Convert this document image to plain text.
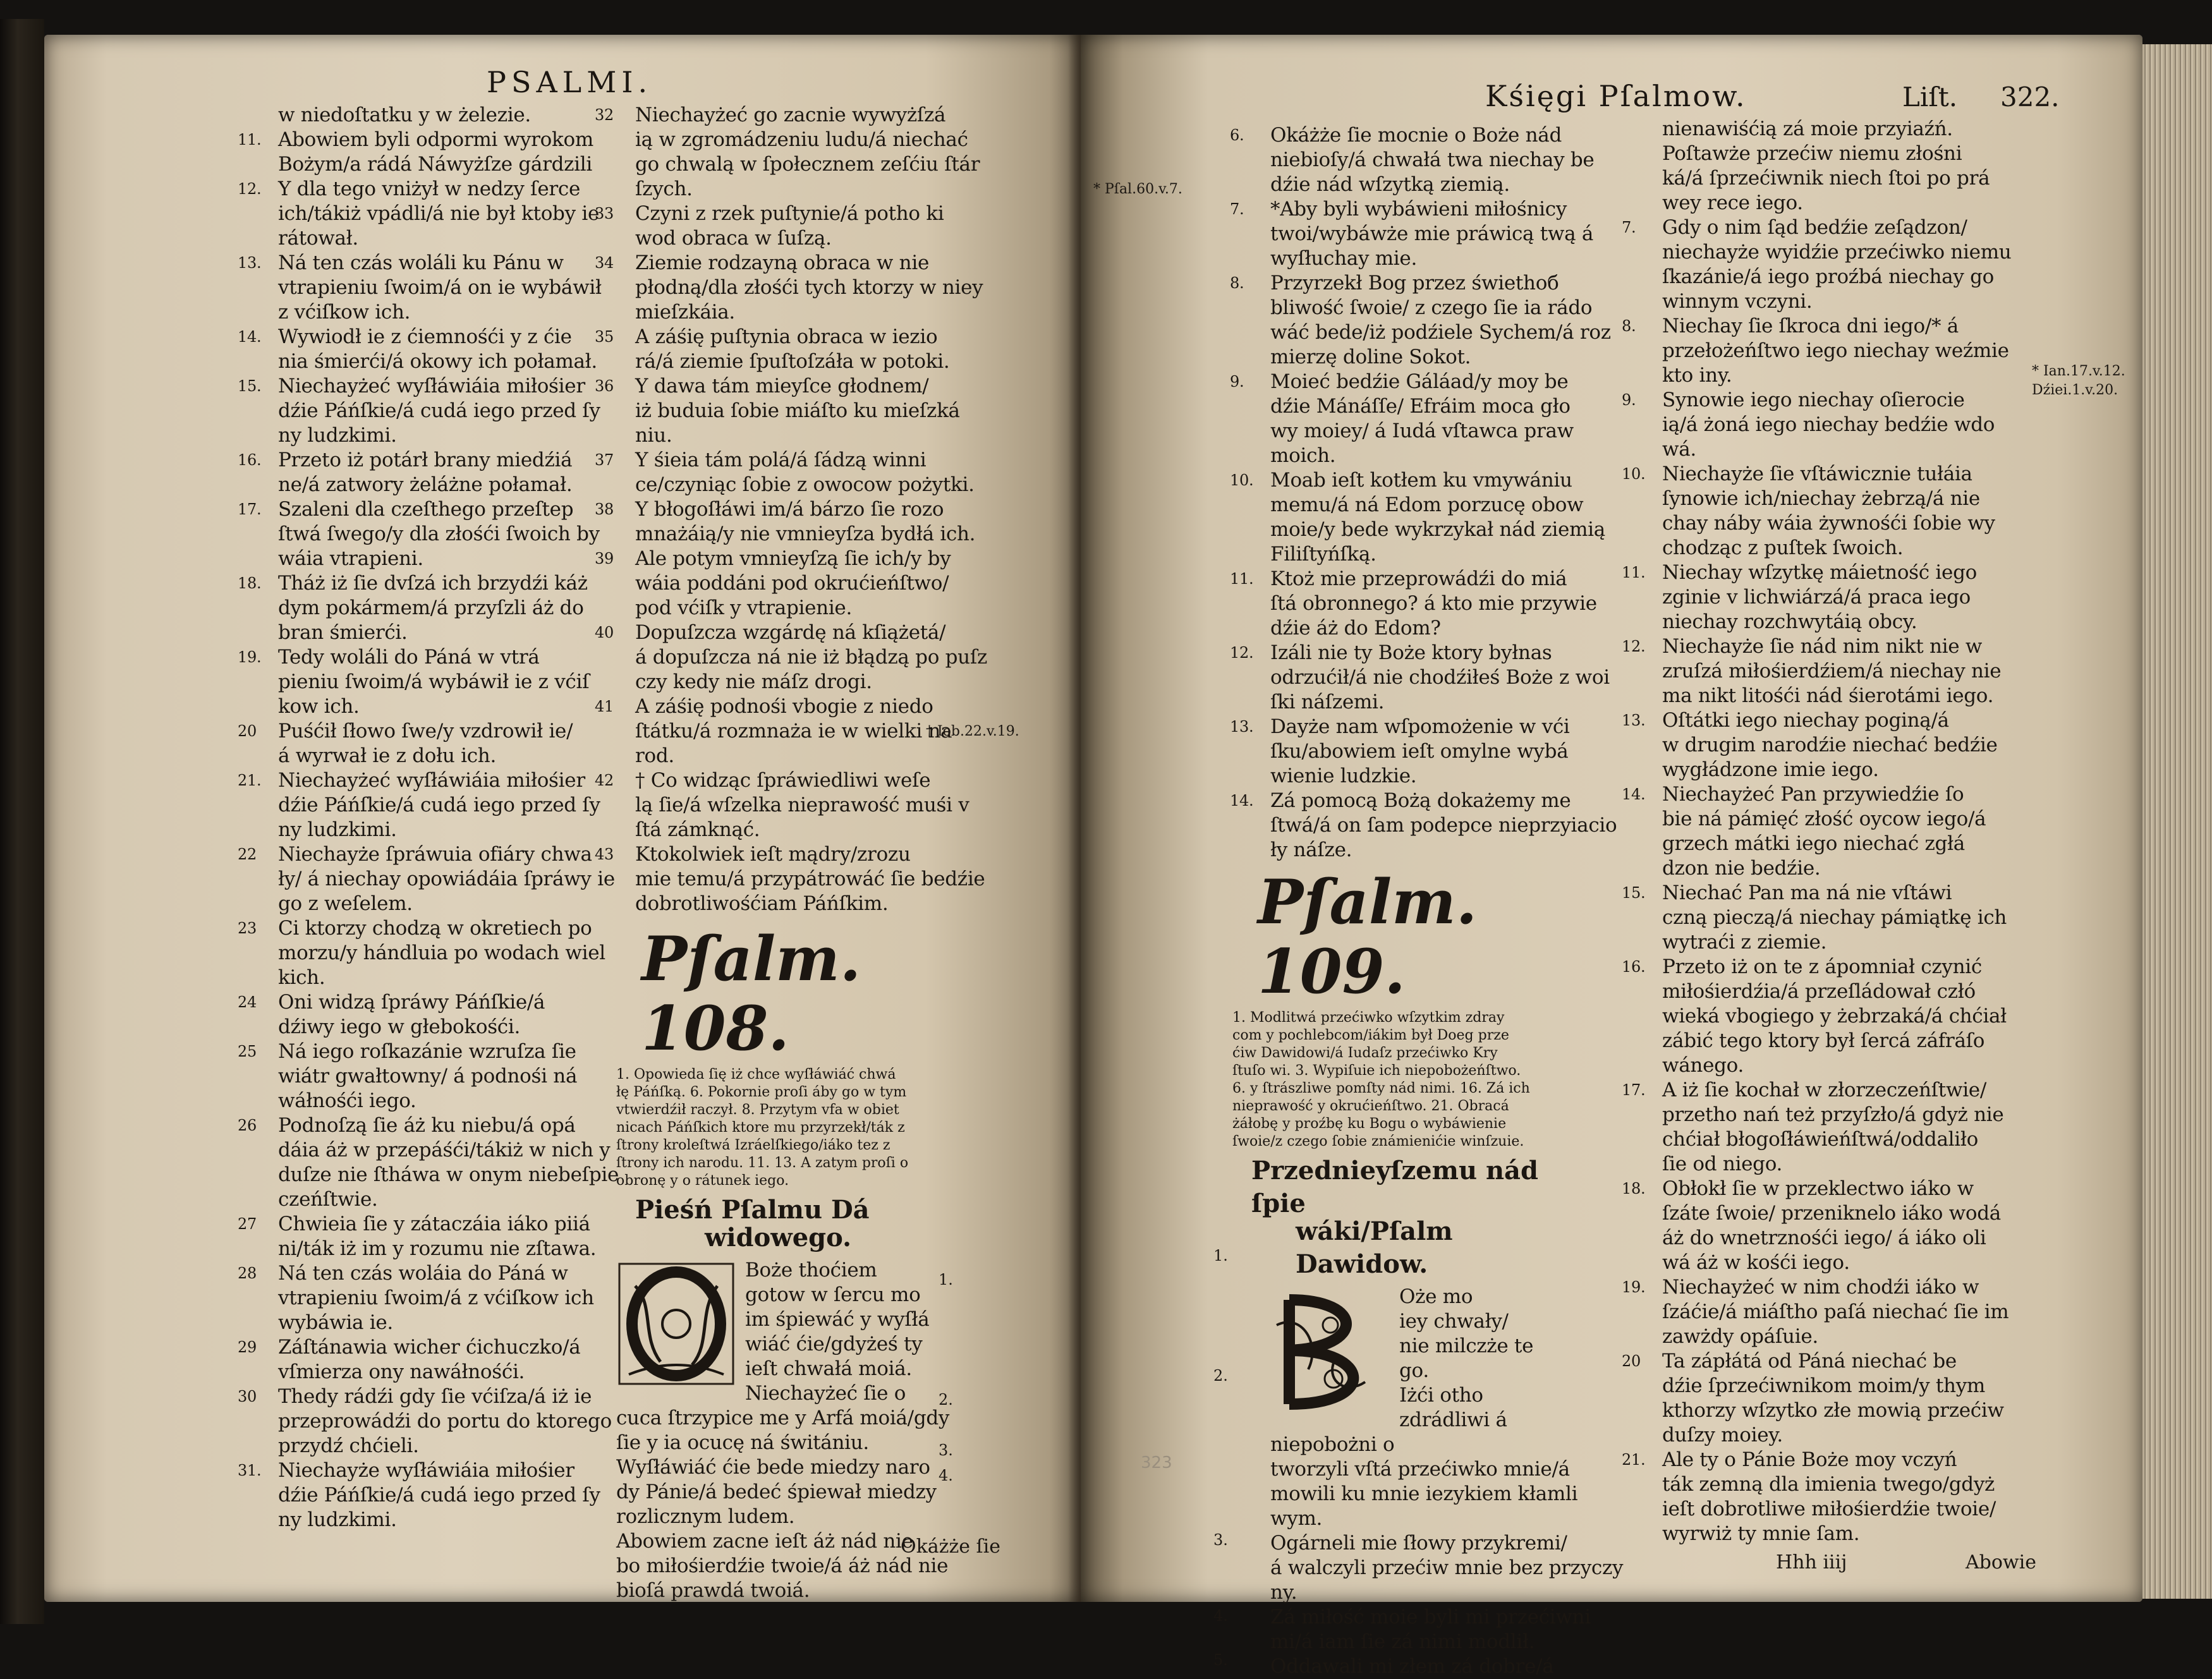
PSALMI.
w niedoſtatku y w żelezie.
11. Abowiem byli odpormi wyrokom
Bożym/a rádá Náwyżſze gárdzili
12. Y dla tego vniżył w nedzy ſerce
ich/tákiż vpádli/á nie był ktoby ie
rátował.
13. Ná ten czás woláli ku Pánu w
vtrapieniu ſwoim/á on ie wybáwił
z vćiſkow ich.
14. Wywiodł ie z ćiemnośći y z ćie
nia śmierći/á okowy ich połamał.
15. Niechayżeć wyſłáwiáia miłośier
dźie Páńſkie/á cudá iego przed ſy
ny ludzkimi.
16. Przeto iż potárł brany miedźiá
ne/á zatwory żeláżne połamał.
17. Szaleni dla czeſthego przeſtep
ſtwá ſwego/y dla złośći ſwoich by
wáia vtrapieni.
18. Tháż iż ſie dvſzá ich brzydźi káż
dym pokármem/á przyſzli áż do
bran śmierći.
19. Tedy woláli do Páná w vtrá
pieniu ſwoim/á wybáwił ie z vćiſ
kow ich.
20 Puśćił ſłowo ſwe/y vzdrowił ie/
á wyrwał ie z dołu ich.
21. Niechayżeć wyſłáwiáia miłośier
dźie Páńſkie/á cudá iego przed ſy
ny ludzkimi.
22 Niechayże ſpráwuia ofiáry chwa
ły/ á niechay opowiádáia ſpráwy ie
go z weſelem.
23 Ci ktorzy chodzą w okretiech po
morzu/y hándluia po wodach wiel
kich.
24 Oni widzą ſpráwy Páńſkie/á
dźiwy iego w głebokośći.
25 Ná iego roſkazánie wzruſza ſie
wiátr gwałtowny/ á podnośi ná
wáłnośći iego.
26 Podnoſzą ſie áż ku niebu/á opá
dáia áż w przepáśći/tákiż w nich y
duſze nie ſtháwa w onym niebeſpie
czeńſtwie.
27 Chwieia ſie y zátaczáia iáko piiá
ni/ták iż im y rozumu nie zſtawa.
28 Ná ten czás woláia do Páná w
vtrapieniu ſwoim/á z vćiſkow ich
wybáwia ie.
29 Záſtánawia wicher ćichuczko/á
vſmierza ony nawáłnośći.
30 Thedy rádźi gdy ſie vćiſza/á iż ie
przeprowádźi do portu do ktorego
przydź chćieli.
31. Niechayże wyſłáwiáia miłośier
dźie Páńſkie/á cudá iego przed ſy
ny ludzkimi.
32 Niechayżeć go zacnie wywyżſzá
ią w zgromádzeniu ludu/á niechać
go chwalą w ſpołecznem zeſćiu ſtár
ſzych.
33 Czyni z rzek puſtynie/á potho ki
wod obraca w ſuſzą.
34 Ziemie rodzayną obraca w nie
płodną/dla złośći tych ktorzy w niey
mieſzkáia.
35 A záśię puſtynia obraca w iezio
rá/á ziemie ſpuſtoſzáła w potoki.
36 Y dawa tám mieyſce głodnem/
iż buduia ſobie miáſto ku mieſzká
niu.
37 Y śieia tám polá/á ſádzą winni
ce/czyniąc ſobie z owocow pożytki.
38 Y błogoſłáwi im/á bárzo ſie rozo
mnażáią/y nie vmnieyſza bydłá ich.
39 Ale potym vmnieyſzą ſie ich/y by
wáia poddáni pod okrućieńſtwo/
pod vćiſk y vtrapienie.
40 Dopuſzcza wzgárdę ná kſiążetá/
á dopuſzcza ná nie iż błądzą po puſz
czy kedy nie máſz drogi.
41 A záśię podnośi vbogie z niedo
ſtátku/á rozmnaża ie w wielki na
rod.
42 † Co widząc ſpráwiedliwi weſe
lą ſie/á wſzelka nieprawość muśi v
ſtá zámknąć.
43 Ktokolwiek ieſt mądry/zrozu
mie temu/á przypátrowáć ſie bedźie
dobrotliwośćiam Páńſkim.
† Iob.22.v.19.
Pſalm. 108.
1. Opowieda ſię iż chce wyſłáwiáć chwá
łę Páńſką. 6. Pokornie proſi áby go w tym
vtwierdźił raczył. 8. Przytym vfa w obiet
nicach Páńſkich ktore mu przyrzekł/ták z
ſtrony kroleſtwá Izráelſkiego/iáko tez z
ſtrony ich narodu. 11. 13. A zatym proſi o
obronę y o rátunek iego.
Pieśń Pſalmu Dá
widowego.
Boże thoćiem
gotow w ſercu mo
im śpiewáć y wyſłá
wiáć ćie/gdyżeś ty
ieſt chwałá moiá.
Niechayżeć ſie o
cuca ſtrzypice me y Arfá moiá/gdy
ſie y ia ocucę ná świtániu.
Wyſłáwiáć ćie bede miedzy naro
dy Pánie/á bedeć śpiewał miedzy
rozlicznym ludem.
Abowiem zacne ieſt áż nád nie
bo miłośierdźie twoie/á áż nád nie
bioſá prawdá twoiá.
1.
2.
3.
4.
Okáżże ſie
Kśięgi Pſalmow.	Liſt. 322.
* Pſal.60.v.7.
* Ian.17.v.12.
Dźiei.1.v.20.
6. Okáżże ſie mocnie o Boże nád
niebioſy/á chwałá twa niechay be
dźie nád wſzytką ziemią.
7. *Aby byli wybáwieni miłośnicy
twoi/wybáwże mie práwicą twą á
wyſłuchay mie.
8. Przyrzekł Bog przez świethoб
bliwość ſwoie/ z czego ſie ia rádo
wáć bede/iż podźiele Sychem/á roz
mierzę doline Sokot.
9. Moieć bedźie Gáláad/y moy be
dźie Mánáſſe/ Efráim moca gło
wy moiey/ á Iudá vſtawca praw
moich.
10. Moab ieſt kotłem ku vmywániu
memu/á ná Edom porzucę obow
moie/y bede wykrzykał nád ziemią
Filiſtyńſką.
11. Ktoż mie przeprowádźi do miá
ſtá obronnego? á kto mie przywie
dźie áż do Edom?
12. Izáli nie ty Boże ktory byłnas
odrzućił/á nie chodźiłeś Boże z woi
ſki náſzemi.
13. Dayże nam wſpomożenie w vći
ſku/abowiem ieſt omylne wybá
wienie ludzkie.
14. Zá pomocą Bożą dokażemy me
ſtwá/á on ſam podepce nieprzyiacio
ły náſze.
Pſalm. 109.
1. Modlitwá przećiwko wſzytkim zdray
com y pochlebcom/iákim był Doeg prze
ćiw Dawidowi/á Iudaſz przećiwko Kry
ſtuſo wi. 3. Wypiſuie ich niepobożeńſtwo.
6. y ſtrászliwe pomſty nád nimi. 16. Zá ich
nieprawość y okrućieńſtwo. 21. Obracá
żáłobę y proźbę ku Bogu o wybáwienie
ſwoie/z czego ſobie známienićie winſzuie.
Przednieyſzemu nád ſpie
wáki/Pſalm Dawidow.
Oże mo
iey chwały/
nie milczże te
go.
Iżći otho
zdrádliwi á
niepobożni o
tworzyli vſtá przećiwko mnie/á
mowili ku mnie iezykiem kłamli
wym.
Ogárneli mie ſłowy przykremi/
á walczyli przećiw mnie bez przyczy
ny.
Zá miłość moie byli mi przećiwni
mi/á iam ſie zá nimi modlił.
Oddawali mi złem zá dobre/á
1.
2.
3.
4.
5.
nienawiśćią zá moie przyiaźń.
Poſtawże przećiw niemu złośni
ká/á ſprzećiwnik niech ſtoi po prá
wey rece iego.
7. Gdy o nim ſąd bedźie zeſądzon/
niechayże wyidźie przećiwko niemu
ſkazánie/á iego proźbá niechay go
winnym vczyni.
8. Niechay ſie ſkroca dni iego/* á
przełożeńſtwo iego niechay weźmie
kto iny.
9. Synowie iego niechay oſierocie
ią/á żoná iego niechay bedźie wdo
wá.
10. Niechayże ſie vſtáwicznie tułáia
ſynowie ich/niechay żebrzą/á nie
chay náby wáia żywnośći ſobie wy
chodząc z puſtek ſwoich.
11. Niechay wſzytkę máietność iego
zginie v lichwiárzá/á praca iego
niechay rozchwytáią obcy.
12. Niechayże ſie nád nim nikt nie w
zruſzá miłośierdźiem/á niechay nie
ma nikt litośći nád śierotámi iego.
13. Oſtátki iego niechay poginą/á
w drugim narodźie niechać bedźie
wygłádzone imie iego.
14. Niechayżeć Pan przywiedźie ſo
bie ná pámięć złość oycow iego/á
grzech mátki iego niechać zgłá
dzon nie bedźie.
15. Niechać Pan ma ná nie vſtáwi
czną pieczą/á niechay pámiątkę ich
wytraći z ziemie.
16. Przeto iż on te z ápomniał czynić
miłośierdźia/á przeſládował człó
wieká vbogiego y żebrzaká/á chćiał
zábić tego ktory był ſercá záfráſo
wánego.
17. A iż ſie kochał w złorzeczeńſtwie/
przetho nań też przyſzło/á gdyż nie
chćiał błogoſłáwieńſtwá/oddaliło
ſie od niego.
18. Obłokł ſie w przeklectwo iáko w
ſzáte ſwoie/ przeniknelo iáko wodá
áż do wnetrznośći iego/ á iáko oli
wá áż w kośći iego.
19. Niechayżeć w nim chodźi iáko w
ſzáćie/á miáſtho paſá niechać ſie im
zawżdy opáſuie.
20 Ta zápłátá od Páná niechać be
dźie ſprzećiwnikom moim/y thym
kthorzy wſzytko złe mowią przećiw
duſzy moiey.
21. Ale ty o Pánie Boże moy vczyń
ták zemną dla imienia twego/gdyż
ieſt dobrotliwe miłośierdźie twoie/
wyrwiż ty mnie ſam.
323
Hhh iiij	Abowie
